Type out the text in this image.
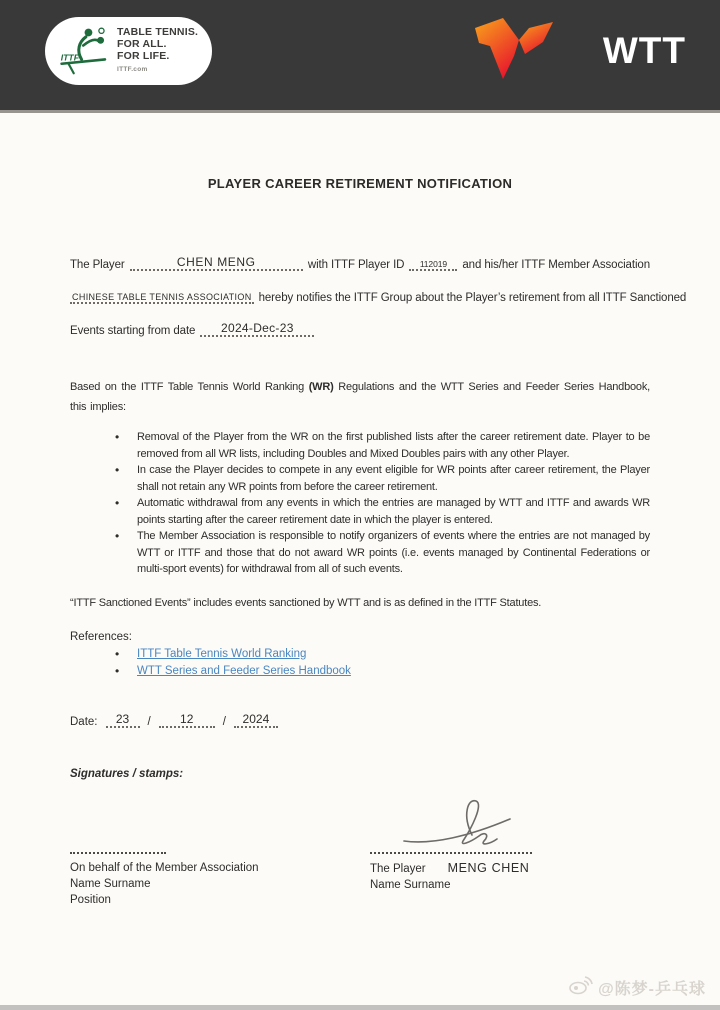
ITTF
TABLE TENNIS.
FOR ALL.
FOR LIFE.
ITTF.com	WTT
PLAYER CAREER RETIREMENT NOTIFICATION
The Player	CHEN MENG	with ITTF Player ID	112019	and his/her ITTF Member Association
CHINESE TABLE TENNIS ASSOCIATION hereby notifies the ITTF Group about the Player’s retirement from all ITTF Sanctioned
Events starting from date	2024-Dec-23
Based on the ITTF Table Tennis World Ranking (WR) Regulations and the WTT Series and Feeder Series Handbook, this implies:
• Removal of the Player from the WR on the first published lists after the career retirement date. Player to be removed from all WR lists, including Doubles and Mixed Doubles pairs with any other Player.
• In case the Player decides to compete in any event eligible for WR points after career retirement, the Player shall not retain any WR points from before the career retirement.
• Automatic withdrawal from any events in which the entries are managed by WTT and ITTF and awards WR points starting after the career retirement date in which the player is entered.
• The Member Association is responsible to notify organizers of events where the entries are not managed by WTT or ITTF and those that do not award WR points (i.e. events managed by Continental Federations or multi-sport events) for withdrawal from all of such events.
“ITTF Sanctioned Events” includes events sanctioned by WTT and is as defined in the ITTF Statutes.
References:
• ITTF Table Tennis World Ranking
• WTT Series and Feeder Series Handbook
Date:	23	/	12	/	2024
Signatures / stamps:
On behalf of the Member Association
Name Surname
Position
The Player MENG CHEN
Name Surname
@陈梦-乒乓球
